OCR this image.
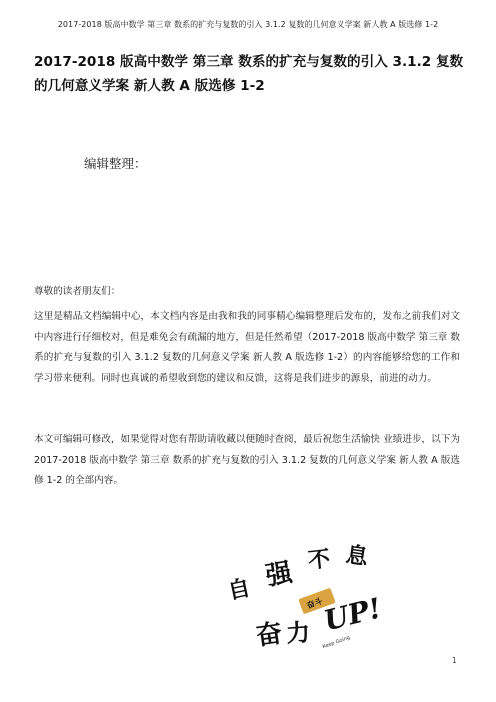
2017-2018 版高中数学 第三章 数系的扩充与复数的引入 3.1.2 复数的几何意义学案 新人教 A 版选修 1-2
2017-2018 版高中数学 第三章 数系的扩充与复数的引入 3.1.2 复数的几何意义学案 新人教 A 版选修 1-2
编辑整理：

尊敬的读者朋友们：

这里是精品文档编辑中心，本文档内容是由我和我的同事精心编辑整理后发布的，发布之前我们对文中内容进行仔细校对，但是难免会有疏漏的地方，但是任然希望（2017-2018 版高中数学 第三章 数系的扩充与复数的引入 3.1.2 复数的几何意义学案 新人教 A 版选修 1-2）的内容能够给您的工作和学习带来便利。同时也真诚的希望收到您的建议和反馈，这将是我们进步的源泉，前进的动力。

本文可编辑可修改，如果觉得对您有帮助请收藏以便随时查阅，最后祝您生活愉快 业绩进步，以下为 2017-2018 版高中数学 第三章 数系的扩充与复数的引入 3.1.2 复数的几何意义学案 新人教 A 版选修 1-2 的全部内容。

自 强 不 息
奋斗
奋 力 UP!
Keep Going
1
